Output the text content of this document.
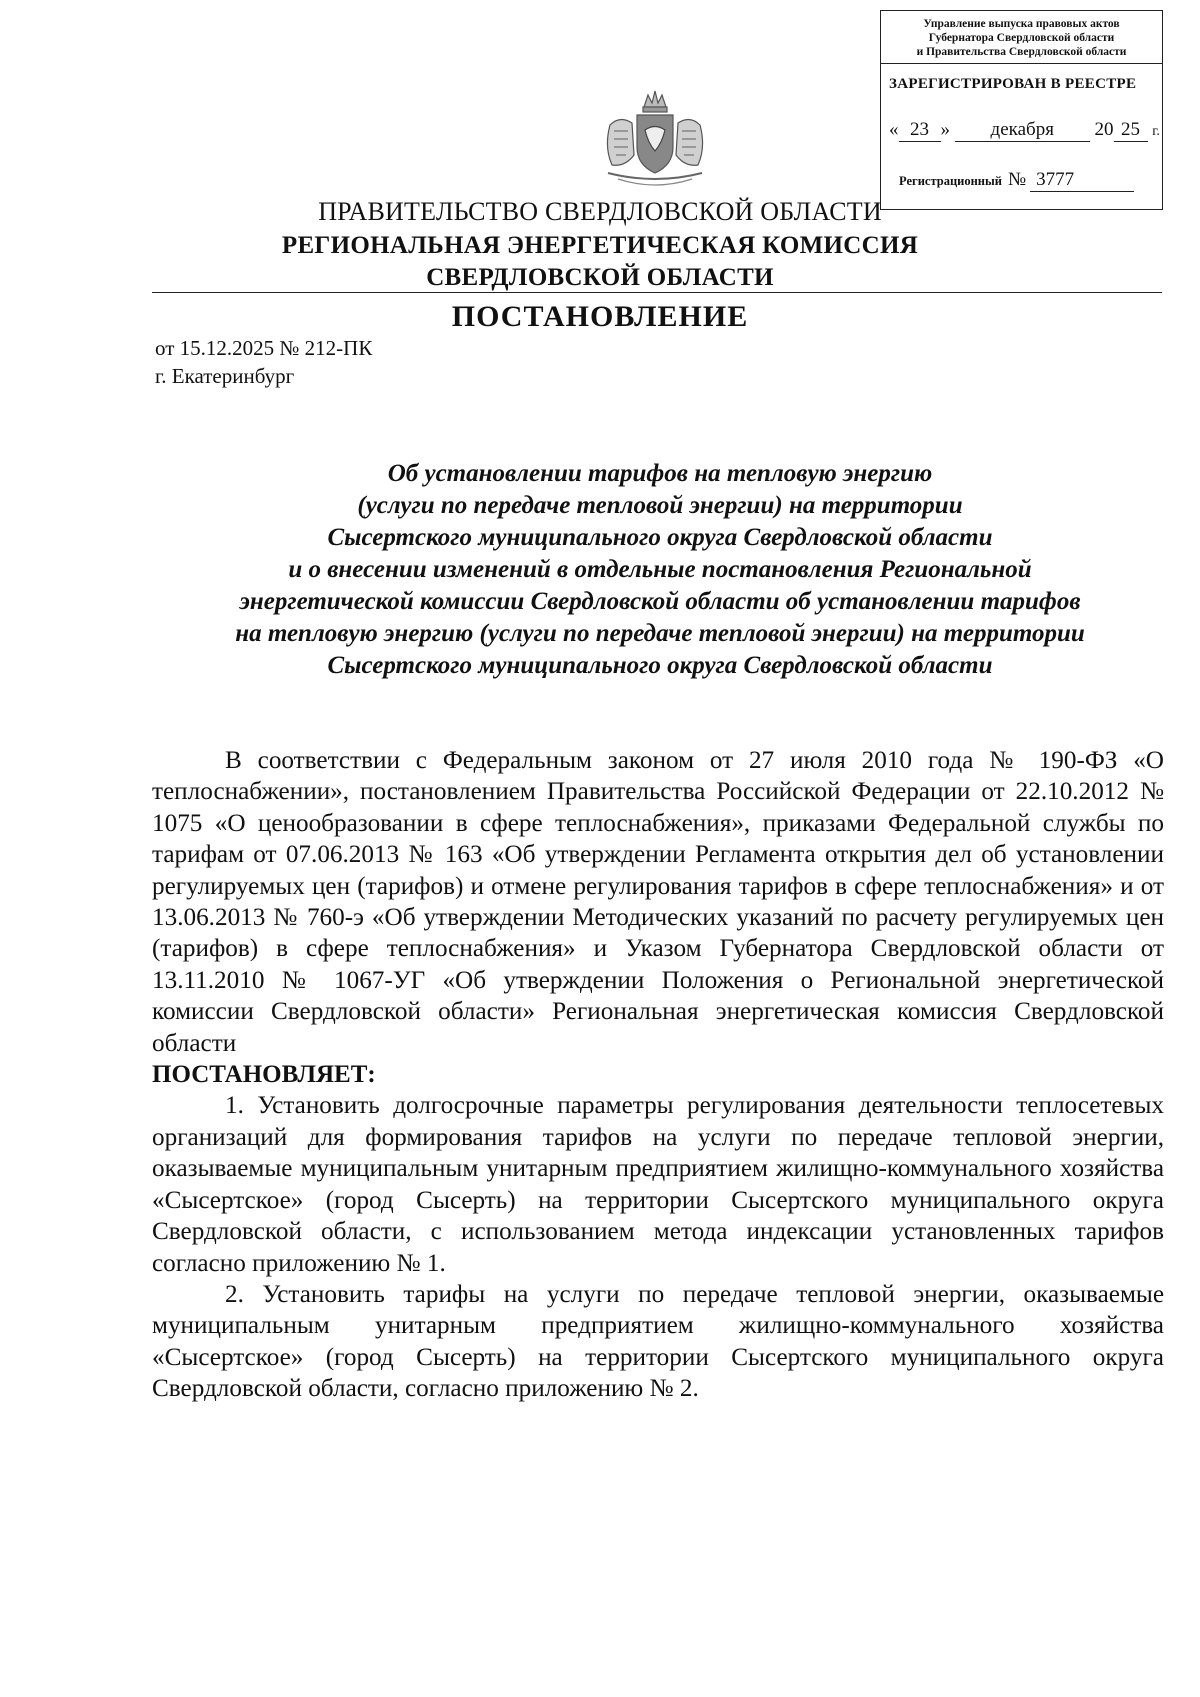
Управление выпуска правовых актов
Губернатора Свердловской области
и Правительства Свердловской области
ЗАРЕГИСТРИРОВАН В РЕЕСТРЕ
« 23 » декабря 20 25 г.
Регистрационный № 3777
ПРАВИТЕЛЬСТВО СВЕРДЛОВСКОЙ ОБЛАСТИ
РЕГИОНАЛЬНАЯ ЭНЕРГЕТИЧЕСКАЯ КОМИССИЯ
СВЕРДЛОВСКОЙ ОБЛАСТИ
ПОСТАНОВЛЕНИЕ
от 15.12.2025 № 212-ПК
г. Екатеринбург
Об установлении тарифов на тепловую энергию
(услуги по передаче тепловой энергии) на территории
Сысертского муниципального округа Свердловской области
и о внесении изменений в отдельные постановления Региональной
энергетической комиссии Свердловской области об установлении тарифов
на тепловую энергию (услуги по передаче тепловой энергии) на территории
Сысертского муниципального округа Свердловской области

В соответствии с Федеральным законом от 27 июля 2010 года № 190-ФЗ «О теплоснабжении», постановлением Правительства Российской Федерации от 22.10.2012 № 1075 «О ценообразовании в сфере теплоснабжения», приказами Федеральной службы по тарифам от 07.06.2013 № 163 «Об утверждении Регламента открытия дел об установлении регулируемых цен (тарифов) и отмене регулирования тарифов в сфере теплоснабжения» и от 13.06.2013 № 760-э «Об утверждении Методических указаний по расчету регулируемых цен (тарифов) в сфере теплоснабжения» и Указом Губернатора Свердловской области от 13.11.2010 № 1067-УГ «Об утверждении Положения о Региональной энергетической комиссии Свердловской области» Региональная энергетическая комиссия Свердловской области

ПОСТАНОВЛЯЕТ:

1. Установить долгосрочные параметры регулирования деятельности теплосетевых организаций для формирования тарифов на услуги по передаче тепловой энергии, оказываемые муниципальным унитарным предприятием жилищно-коммунального хозяйства «Сысертское» (город Сысерть) на территории Сысертского муниципального округа Свердловской области, с использованием метода индексации установленных тарифов согласно приложению № 1.

2. Установить тарифы на услуги по передаче тепловой энергии, оказываемые муниципальным унитарным предприятием жилищно-коммунального хозяйства «Сысертское» (город Сысерть) на территории Сысертского муниципального округа Свердловской области, согласно приложению № 2.
